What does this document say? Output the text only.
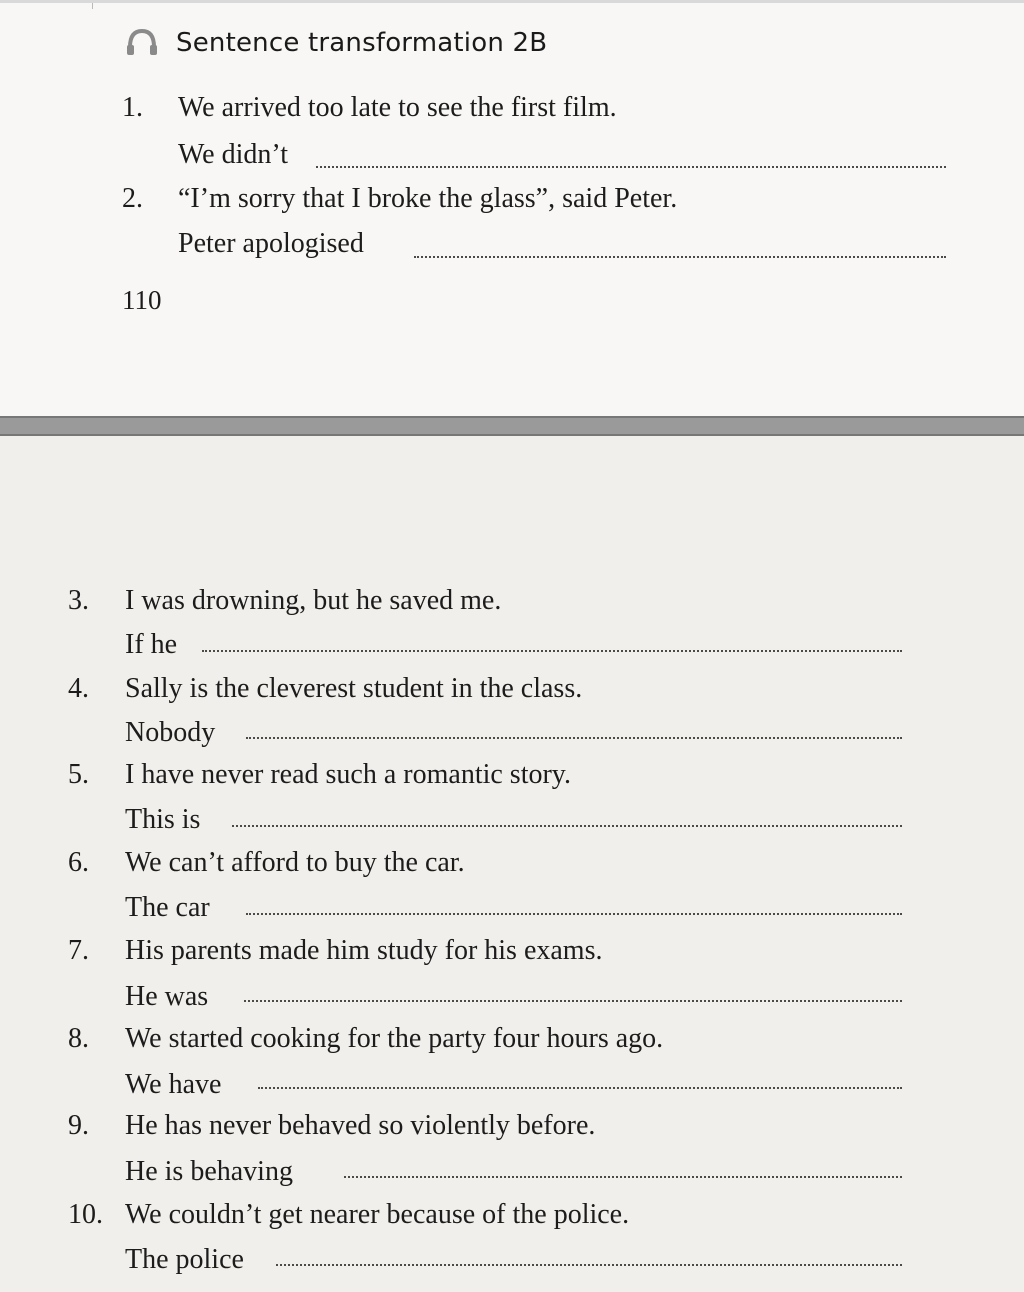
Sentence transformation 2B
1. We arrived too late to see the first film.
We didn’t
2. “I’m sorry that I broke the glass”, said Peter.
Peter apologised
110
3. I was drowning, but he saved me.
If he
4. Sally is the cleverest student in the class.
Nobody
5. I have never read such a romantic story.
This is
6. We can’t afford to buy the car.
The car
7. His parents made him study for his exams.
He was
8. We started cooking for the party four hours ago.
We have
9. He has never behaved so violently before.
He is behaving
10. We couldn’t get nearer because of the police.
The police
